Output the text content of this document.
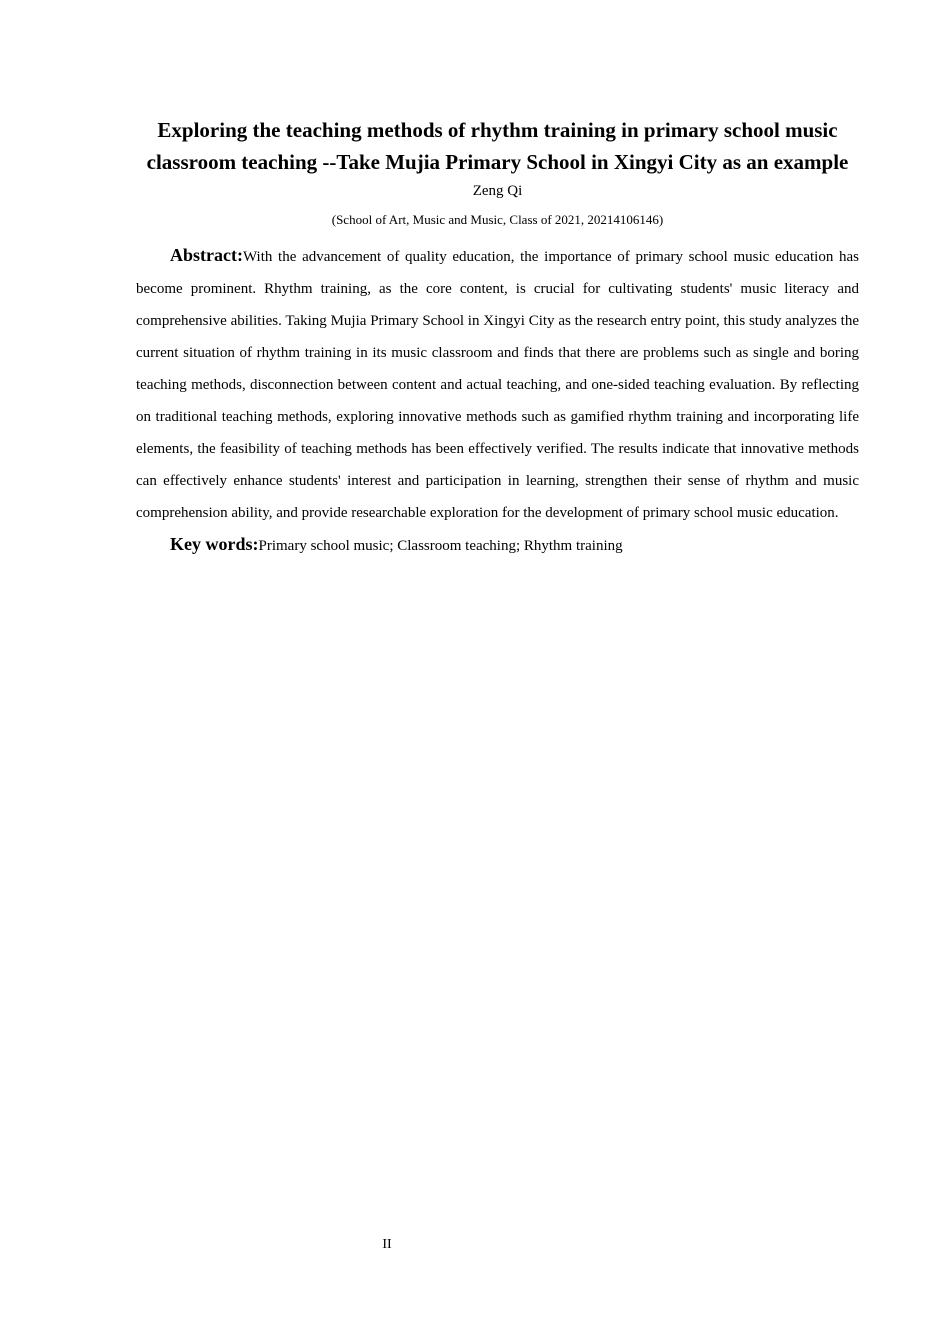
Exploring the teaching methods of rhythm training in primary school music classroom teaching --Take Mujia Primary School in Xingyi City as an example

Zeng Qi

(School of Art, Music and Music, Class of 2021, 20214106146)

Abstract:With the advancement of quality education, the importance of primary school music education has become prominent. Rhythm training, as the core content, is crucial for cultivating students' music literacy and comprehensive abilities. Taking Mujia Primary School in Xingyi City as the research entry point, this study analyzes the current situation of rhythm training in its music classroom and finds that there are problems such as single and boring teaching methods, disconnection between content and actual teaching, and one-sided teaching evaluation. By reflecting on traditional teaching methods, exploring innovative methods such as gamified rhythm training and incorporating life elements, the feasibility of teaching methods has been effectively verified. The results indicate that innovative methods can effectively enhance students' interest and participation in learning, strengthen their sense of rhythm and music comprehension ability, and provide researchable exploration for the development of primary school music education.

Key words:Primary school music; Classroom teaching; Rhythm training

II
